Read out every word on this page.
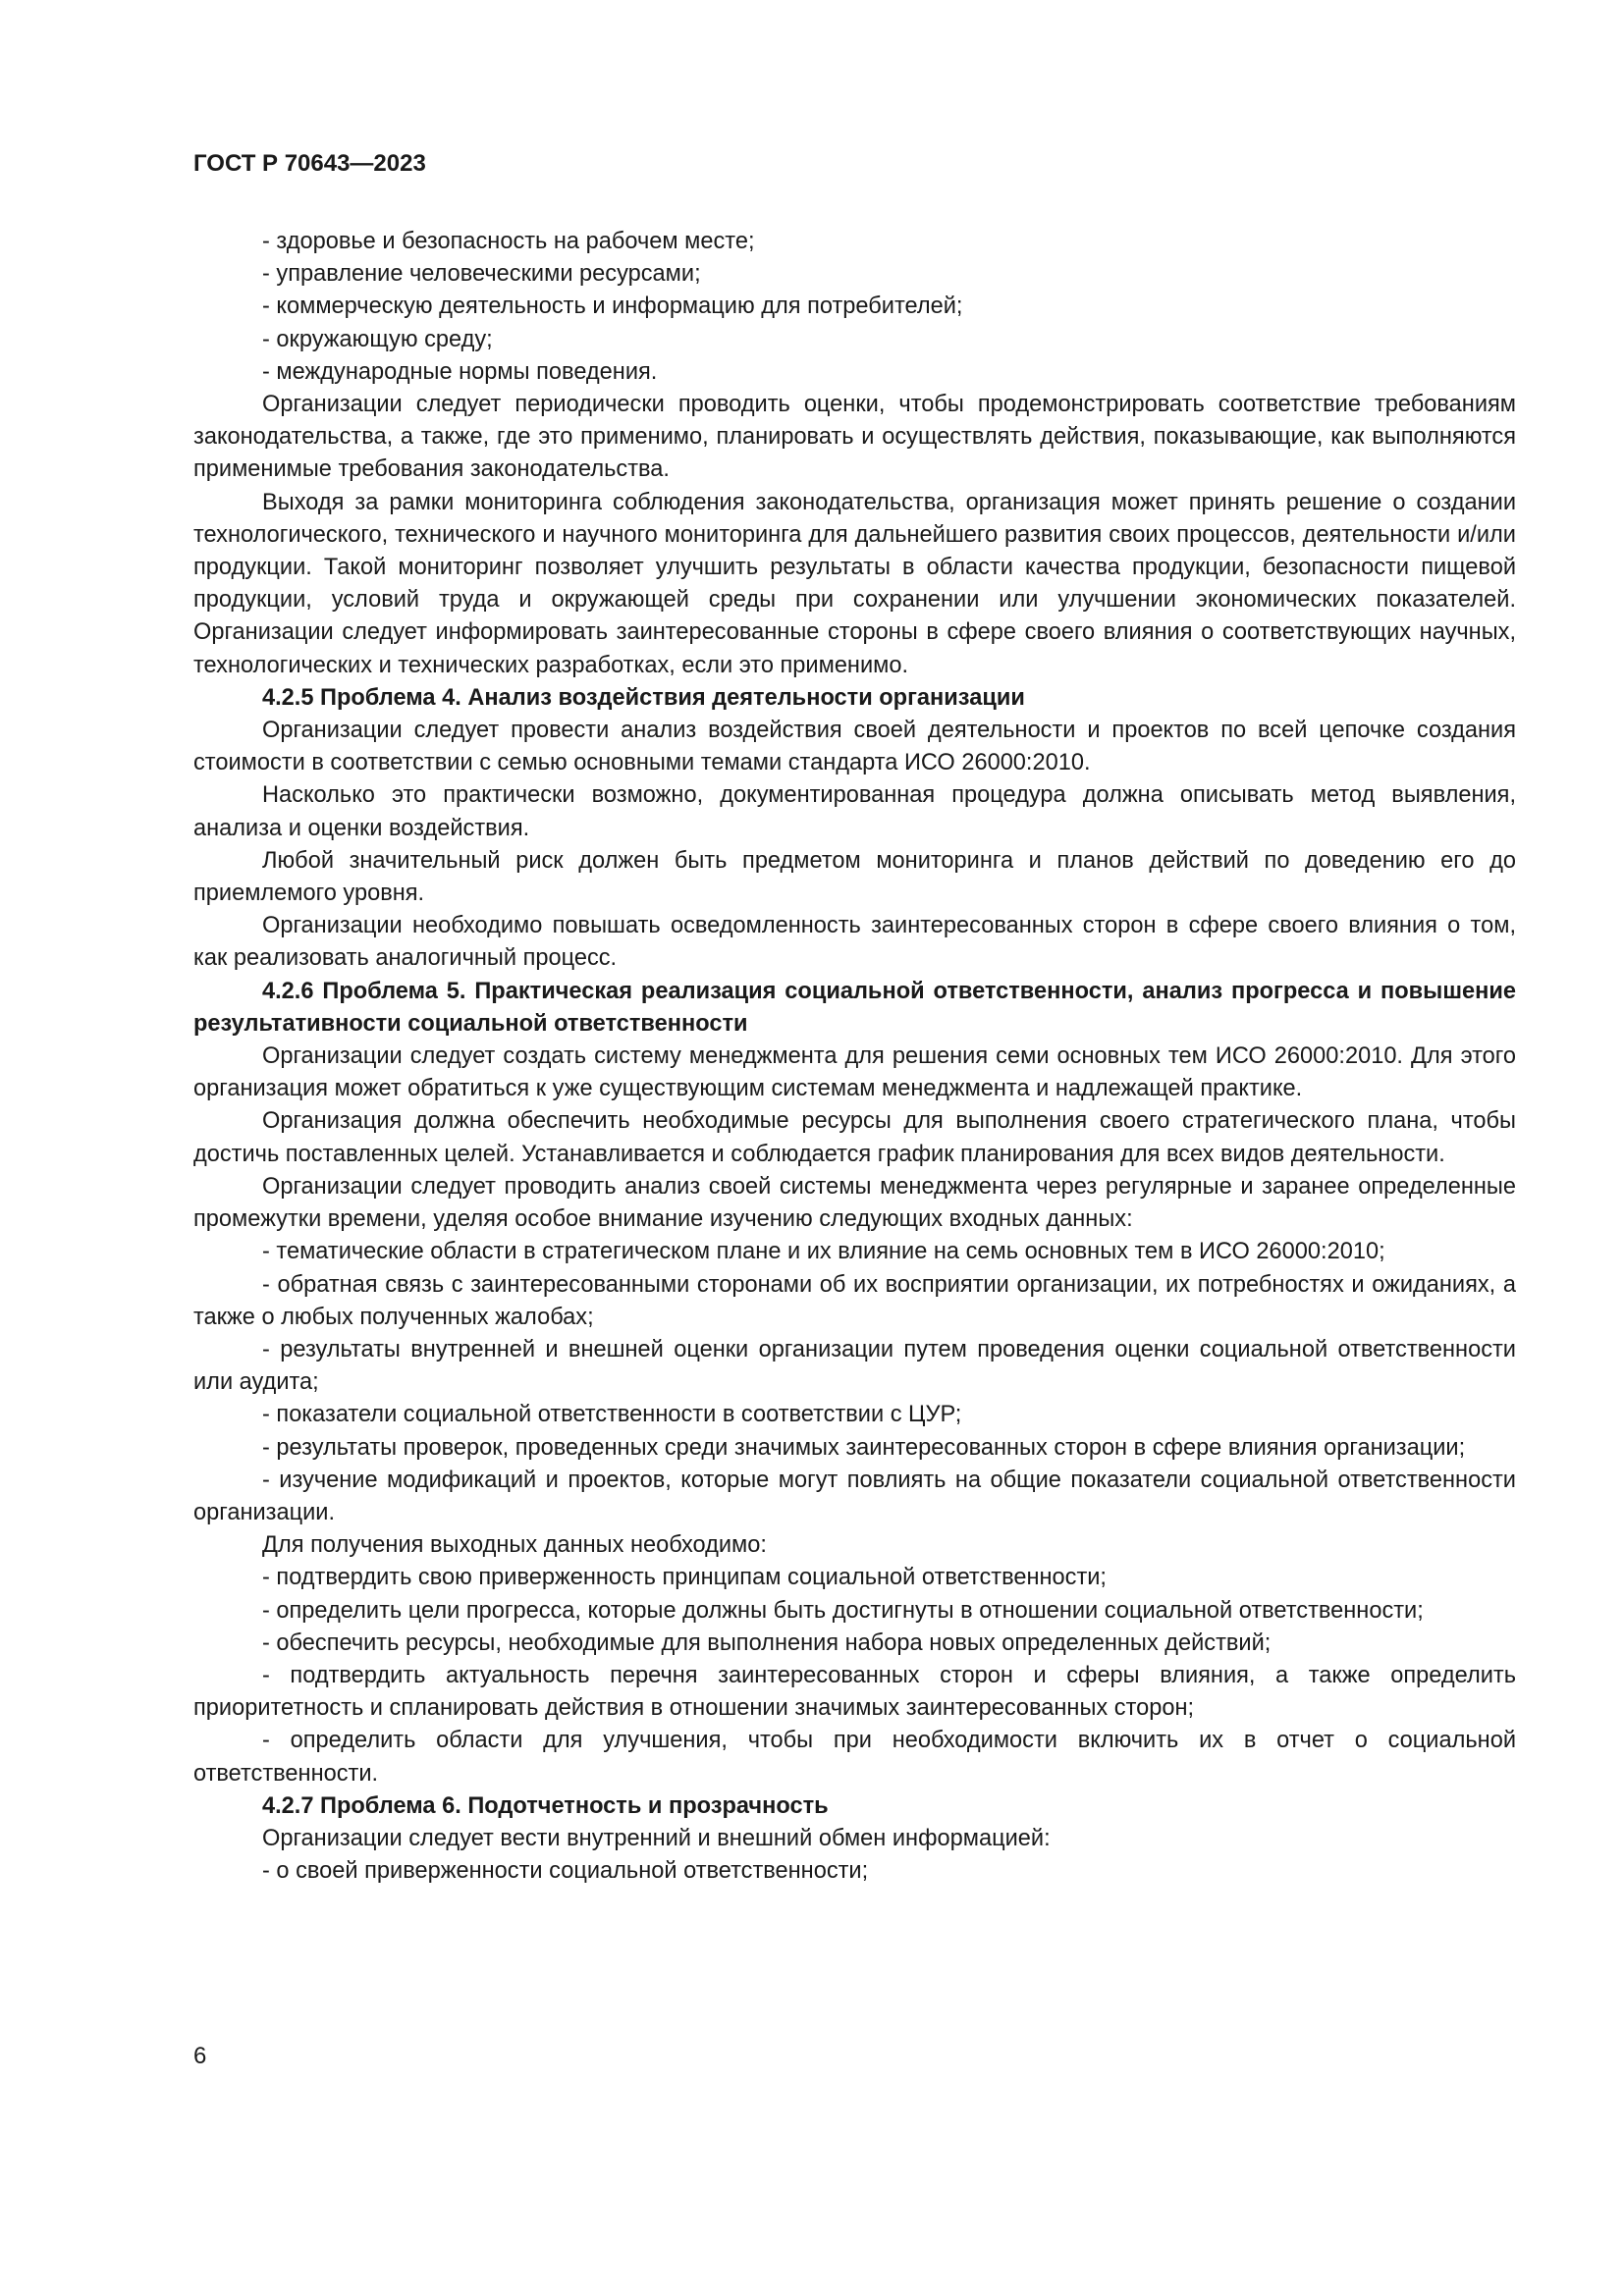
ГОСТ Р 70643—2023

- здоровье и безопасность на рабочем месте;

- управление человеческими ресурсами;

- коммерческую деятельность и информацию для потребителей;

- окружающую среду;

- международные нормы поведения.

Организации следует периодически проводить оценки, чтобы продемонстрировать соответствие требованиям законодательства, а также, где это применимо, планировать и осуществлять действия, показывающие, как выполняются применимые требования законодательства.

Выходя за рамки мониторинга соблюдения законодательства, организация может принять решение о создании технологического, технического и научного мониторинга для дальнейшего развития своих процессов, деятельности и/или продукции. Такой мониторинг позволяет улучшить результаты в области качества продукции, безопасности пищевой продукции, условий труда и окружающей среды при сохранении или улучшении экономических показателей. Организации следует информировать заинтересованные стороны в сфере своего влияния о соответствующих научных, технологических и технических разработках, если это применимо.

4.2.5 Проблема 4. Анализ воздействия деятельности организации

Организации следует провести анализ воздействия своей деятельности и проектов по всей цепочке создания стоимости в соответствии с семью основными темами стандарта ИСО 26000:2010.

Насколько это практически возможно, документированная процедура должна описывать метод выявления, анализа и оценки воздействия.

Любой значительный риск должен быть предметом мониторинга и планов действий по доведению его до приемлемого уровня.

Организации необходимо повышать осведомленность заинтересованных сторон в сфере своего влияния о том, как реализовать аналогичный процесс.

4.2.6 Проблема 5. Практическая реализация социальной ответственности, анализ прогресса и повышение результативности социальной ответственности

Организации следует создать систему менеджмента для решения семи основных тем ИСО 26000:2010. Для этого организация может обратиться к уже существующим системам менеджмента и надлежащей практике.

Организация должна обеспечить необходимые ресурсы для выполнения своего стратегического плана, чтобы достичь поставленных целей. Устанавливается и соблюдается график планирования для всех видов деятельности.

Организации следует проводить анализ своей системы менеджмента через регулярные и заранее определенные промежутки времени, уделяя особое внимание изучению следующих входных данных:

- тематические области в стратегическом плане и их влияние на семь основных тем в ИСО 26000:2010;

- обратная связь с заинтересованными сторонами об их восприятии организации, их потребностях и ожиданиях, а также о любых полученных жалобах;

- результаты внутренней и внешней оценки организации путем проведения оценки социальной ответственности или аудита;

- показатели социальной ответственности в соответствии с ЦУР;

- результаты проверок, проведенных среди значимых заинтересованных сторон в сфере влияния организации;

- изучение модификаций и проектов, которые могут повлиять на общие показатели социальной ответственности организации.

Для получения выходных данных необходимо:

- подтвердить свою приверженность принципам социальной ответственности;

- определить цели прогресса, которые должны быть достигнуты в отношении социальной ответственности;

- обеспечить ресурсы, необходимые для выполнения набора новых определенных действий;

- подтвердить актуальность перечня заинтересованных сторон и сферы влияния, а также определить приоритетность и спланировать действия в отношении значимых заинтересованных сторон;

- определить области для улучшения, чтобы при необходимости включить их в отчет о социальной ответственности.

4.2.7 Проблема 6. Подотчетность и прозрачность

Организации следует вести внутренний и внешний обмен информацией:

- о своей приверженности социальной ответственности;

6
